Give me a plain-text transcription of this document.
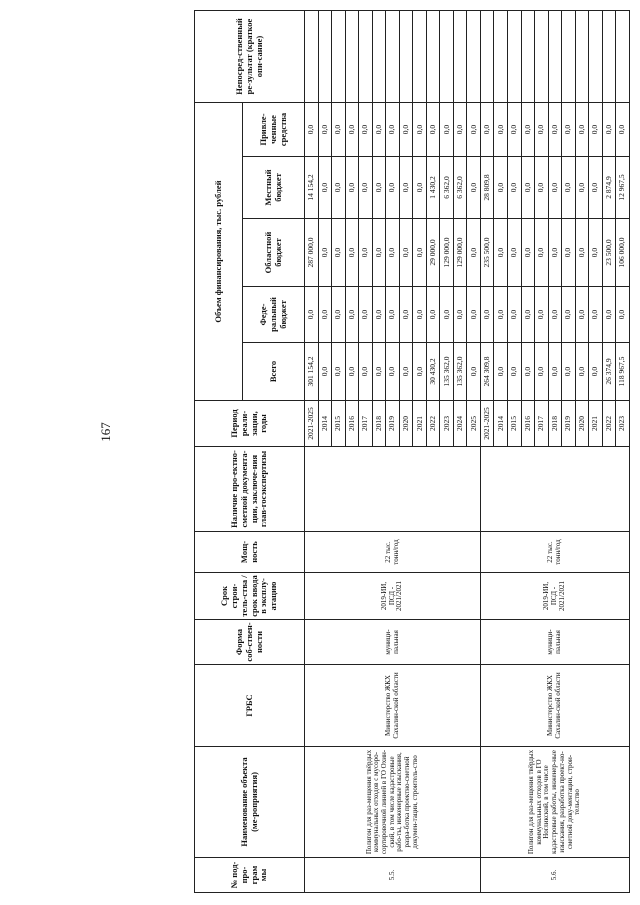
167
№ под-про-грам мы	Наименование объекта (ме-роприятия)	ГРБС	Форма соб-ствен-ности	Срок строи-тель-ства / срок ввода в эксплу-атацию	Мощ-ность	Наличие про-ектно-сметной документа-ции, заключе-ния глав-госэкспертизы	Период реали-зации, годы	Объем финансирования, тыс. рублей					Непосред-ственный ре-зультат (краткое опи-сание)
								Всего	Феде-ральный бюджет	Областной бюджет	Местный бюджет	Привле-ченные средства	
5.5.	Полигон для раз-мещения твёрдых коммунальных отходов с мусоро-сортировочной линией в ГО Охин-ский, в том числе кадастровые рабо-ты, инженерные изыскания, разра-ботка проектно-сметной докумен-тации, строитель-ство	Министерство ЖКХ Сахалин-ской области	муници-пальная	2019-ИИ, ПСД - 2021/2021	22 тыс. тонн/год		2021-2025	301 154,2	0,0	287 000,0	14 154,2	0,0	
							2014	0,0	0,0	0,0	0,0	0,0	
							2015	0,0	0,0	0,0	0,0	0,0	
							2016	0,0	0,0	0,0	0,0	0,0	
							2017	0,0	0,0	0,0	0,0	0,0	
							2018	0,0	0,0	0,0	0,0	0,0	
							2019	0,0	0,0	0,0	0,0	0,0	
							2020	0,0	0,0	0,0	0,0	0,0	
							2021	0,0	0,0	0,0	0,0	0,0	
							2022	30 430,2	0,0	29 000,0	1 430,2	0,0	
							2023	135 362,0	0,0	129 000,0	6 362,0	0,0	
							2024	135 362,0	0,0	129 000,0	6 362,0	0,0	
							2025	0,0	0,0	0,0	0,0	0,0	
5.6.	Полигон для раз-мещения твёрдых коммунальных отходов в ГО Ногликский, в том числе кадастровые работы, инженер-ные изыскания, разработка проект-но-сметной доку-ментации, строи-тельство	Министерство ЖКХ Сахалин-ской области	муници-пальная	2019-ИИ, ПСД - 2021/2021	22 тыс. тонн/год		2021-2025	264 309,8	0,0	235 500,0	28 809,8	0,0	
							2014	0,0	0,0	0,0	0,0	0,0	
							2015	0,0	0,0	0,0	0,0	0,0	
							2016	0,0	0,0	0,0	0,0	0,0	
							2017	0,0	0,0	0,0	0,0	0,0	
							2018	0,0	0,0	0,0	0,0	0,0	
							2019	0,0	0,0	0,0	0,0	0,0	
							2020	0,0	0,0	0,0	0,0	0,0	
							2021	0,0	0,0	0,0	0,0	0,0	
							2022	26 374,9	0,0	23 500,0	2 874,9	0,0	
							2023	118 967,5	0,0	106 000,0	12 967,5	0,0	
